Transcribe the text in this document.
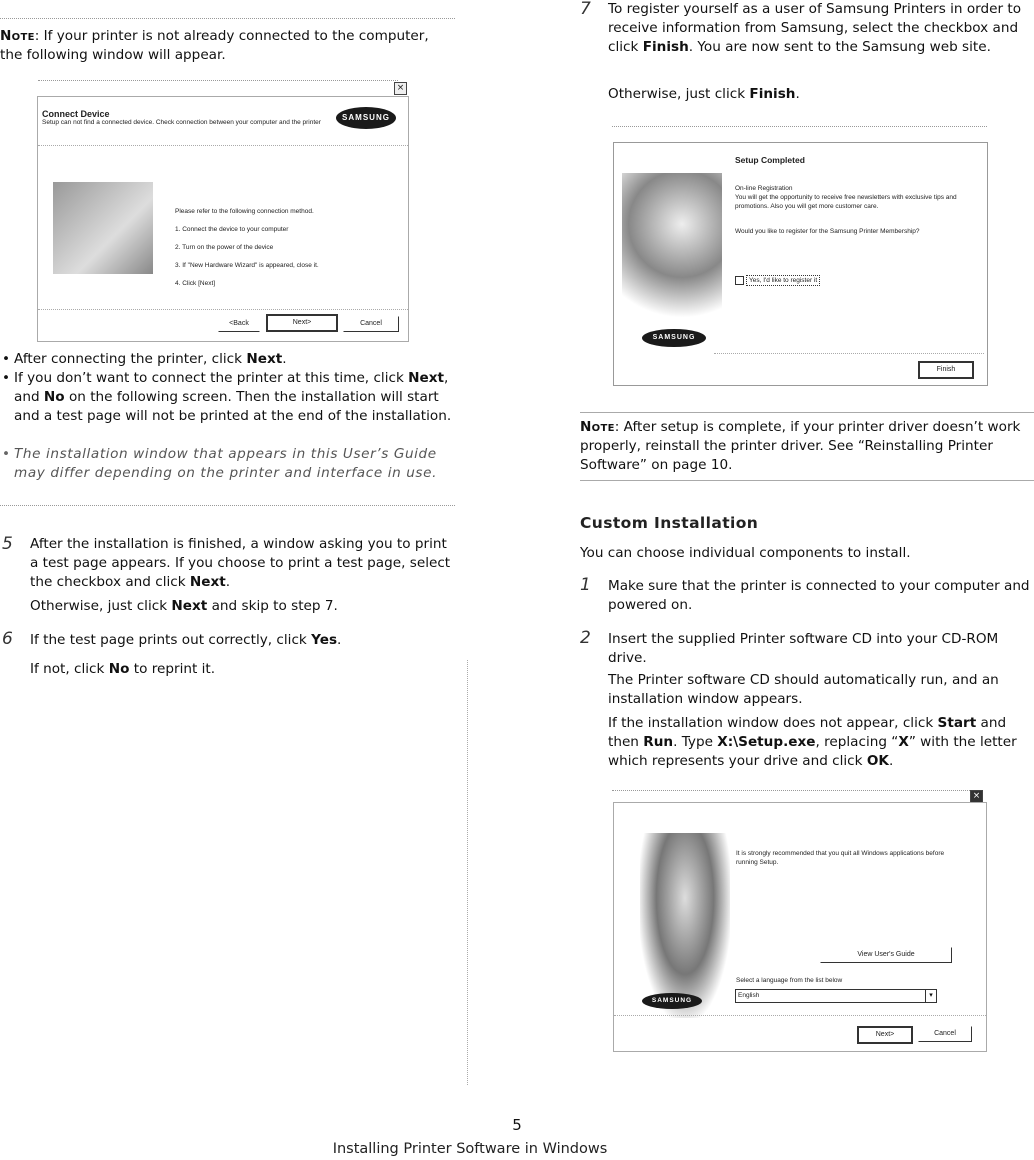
Note: If your printer is not already connected to the computer, the following window will appear.
×
Connect Device
Setup can not find a connected device. Check connection between your computer and the printer
SAMSUNG
Please refer to the following connection method.
1. Connect the device to your computer
2. Turn on the power of the device
3. If "New Hardware Wizard" is appeared, close it.
4. Click [Next]
<Back	Next>	Cancel
• After connecting the printer, click Next.
• If you don’t want to connect the printer at this time, click Next, and No on the following screen. Then the installation will start and a test page will not be printed at the end of the installation.
• The installation window that appears in this User’s Guide may differ depending on the printer and interface in use.
5 After the installation is finished, a window asking you to print a test page appears. If you choose to print a test page, select the checkbox and click Next.
Otherwise, just click Next and skip to step 7.
6 If the test page prints out correctly, click Yes.
If not, click No to reprint it.
7 To register yourself as a user of Samsung Printers in order to receive information from Samsung, select the checkbox and click Finish. You are now sent to the Samsung web site.
Otherwise, just click Finish.
SAMSUNG
Setup Completed
On-line Registration
You will get the opportunity to receive free newsletters with exclusive tips and promotions. Also you will get more customer care.
Would you like to register for the Samsung Printer Membership?
Yes, I'd like to register it
Finish
Note: After setup is complete, if your printer driver doesn’t work properly, reinstall the printer driver. See “Reinstalling Printer Software” on page 10.
Custom Installation
You can choose individual components to install.
1 Make sure that the printer is connected to your computer and powered on.
2 Insert the supplied Printer software CD into your CD-ROM drive.
The Printer software CD should automatically run, and an installation window appears.
If the installation window does not appear, click Start and then Run. Type X:\Setup.exe, replacing “X” with the letter which represents your drive and click OK.
×
SAMSUNG
It is strongly recommended that you quit all Windows applications before running Setup.
View User's Guide
Select a language from the list below
English	▾
Next>	Cancel
5
Installing Printer Software in Windows
